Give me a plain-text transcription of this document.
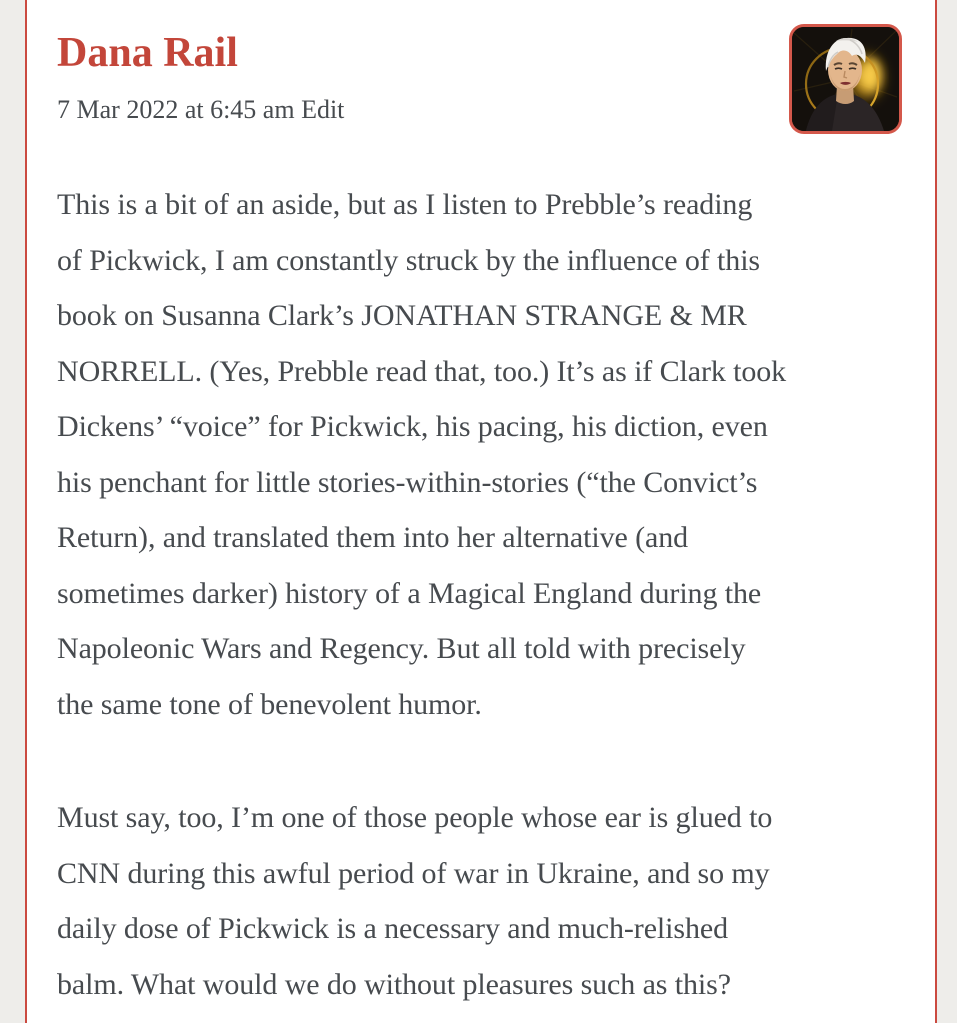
Dana Rail
7 Mar 2022 at 6:45 am Edit
This is a bit of an aside, but as I listen to Prebble’s reading
of Pickwick, I am constantly struck by the influence of this
book on Susanna Clark’s JONATHAN STRANGE & MR
NORRELL. (Yes, Prebble read that, too.) It’s as if Clark took
Dickens’ “voice” for Pickwick, his pacing, his diction, even
his penchant for little stories-within-stories (“the Convict’s
Return), and translated them into her alternative (and
sometimes darker) history of a Magical England during the
Napoleonic Wars and Regency. But all told with precisely
the same tone of benevolent humor.
Must say, too, I’m one of those people whose ear is glued to
CNN during this awful period of war in Ukraine, and so my
daily dose of Pickwick is a necessary and much-relished
balm. What would we do without pleasures such as this?
